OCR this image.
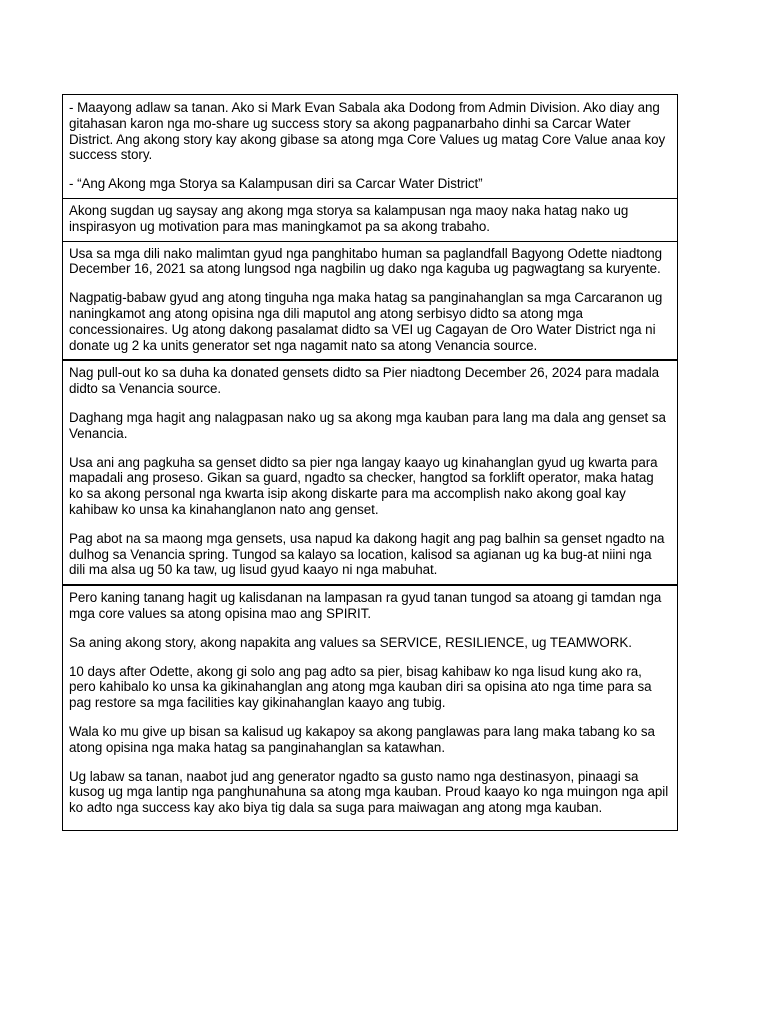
- Maayong adlaw sa tanan. Ako si Mark Evan Sabala aka Dodong from Admin Division. Ako diay ang gitahasan karon nga mo-share ug success story sa akong pagpanarbaho dinhi sa Carcar Water District. Ang akong story kay akong gibase sa atong mga Core Values ug matag Core Value anaa koy success story.

- “Ang Akong mga Storya sa Kalampusan diri sa Carcar Water District”

Akong sugdan ug saysay ang akong mga storya sa kalampusan nga maoy naka hatag nako ug inspirasyon ug motivation para mas maningkamot pa sa akong trabaho.

Usa sa mga dili nako malimtan gyud nga panghitabo human sa paglandfall Bagyong Odette niadtong December 16, 2021 sa atong lungsod nga nagbilin ug dako nga kaguba ug pagwagtang sa kuryente.

Nagpatig-babaw gyud ang atong tinguha nga maka hatag sa panginahanglan sa mga Carcaranon ug naningkamot ang atong opisina nga dili maputol ang atong serbisyo didto sa atong mga concessionaires. Ug atong dakong pasalamat didto sa VEI ug Cagayan de Oro Water District nga ni donate ug 2 ka units generator set nga nagamit nato sa atong Venancia source.

Nag pull-out ko sa duha ka donated gensets didto sa Pier niadtong December 26, 2024 para madala didto sa Venancia source.

Daghang mga hagit ang nalagpasan nako ug sa akong mga kauban para lang ma dala ang genset sa Venancia.

Usa ani ang pagkuha sa genset didto sa pier nga langay kaayo ug kinahanglan gyud ug kwarta para mapadali ang proseso. Gikan sa guard, ngadto sa checker, hangtod sa forklift operator, maka hatag ko sa akong personal nga kwarta isip akong diskarte para ma accomplish nako akong goal kay kahibaw ko unsa ka kinahanglanon nato ang genset.

Pag abot na sa maong mga gensets, usa napud ka dakong hagit ang pag balhin sa genset ngadto na dulhog sa Venancia spring. Tungod sa kalayo sa location, kalisod sa agianan ug ka bug-at niini nga dili ma alsa ug 50 ka taw, ug lisud gyud kaayo ni nga mabuhat.

Pero kaning tanang hagit ug kalisdanan na lampasan ra gyud tanan tungod sa atoang gi tamdan nga mga core values sa atong opisina mao ang SPIRIT.

Sa aning akong story, akong napakita ang values sa SERVICE, RESILIENCE, ug TEAMWORK.

10 days after Odette, akong gi solo ang pag adto sa pier, bisag kahibaw ko nga lisud kung ako ra, pero kahibalo ko unsa ka gikinahanglan ang atong mga kauban diri sa opisina ato nga time para sa pag restore sa mga facilities kay gikinahanglan kaayo ang tubig.

Wala ko mu give up bisan sa kalisud ug kakapoy sa akong panglawas para lang maka tabang ko sa atong opisina nga maka hatag sa panginahanglan sa katawhan.

Ug labaw sa tanan, naabot jud ang generator ngadto sa gusto namo nga destinasyon, pinaagi sa kusog ug mga lantip nga panghunahuna sa atong mga kauban. Proud kaayo ko nga muingon nga apil ko adto nga success kay ako biya tig dala sa suga para maiwagan ang atong mga kauban.
